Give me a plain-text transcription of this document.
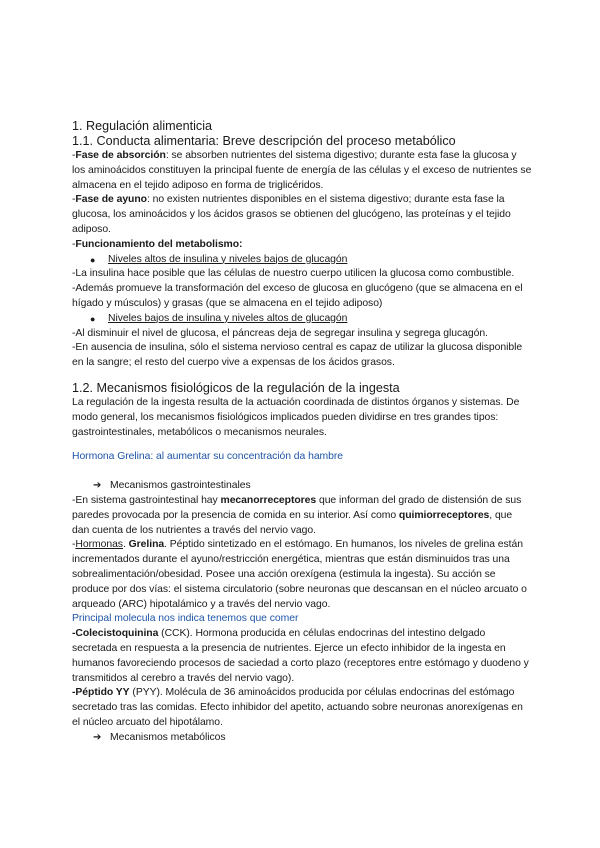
1. Regulación alimenticia

1.1. Conducta alimentaria: Breve descripción del proceso metabólico

-Fase de absorción: se absorben nutrientes del sistema digestivo; durante esta fase la glucosa y los aminoácidos constituyen la principal fuente de energía de las células y el exceso de nutrientes se almacena en el tejido adiposo en forma de triglicéridos.

-Fase de ayuno: no existen nutrientes disponibles en el sistema digestivo; durante esta fase la glucosa, los aminoácidos y los ácidos grasos se obtienen del glucógeno, las proteínas y el tejido adiposo.

-Funcionamiento del metabolismo:

● Niveles altos de insulina y niveles bajos de glucagón

-La insulina hace posible que las células de nuestro cuerpo utilicen la glucosa como combustible.

-Además promueve la transformación del exceso de glucosa en glucógeno (que se almacena en el hígado y músculos) y grasas (que se almacena en el tejido adiposo)

● Niveles bajos de insulina y niveles altos de glucagón

-Al disminuir el nivel de glucosa, el páncreas deja de segregar insulina y segrega glucagón.

-En ausencia de insulina, sólo el sistema nervioso central es capaz de utilizar la glucosa disponible en la sangre; el resto del cuerpo vive a expensas de los ácidos grasos.

1.2. Mecanismos fisiológicos de la regulación de la ingesta

La regulación de la ingesta resulta de la actuación coordinada de distintos órganos y sistemas. De modo general, los mecanismos fisiológicos implicados pueden dividirse en tres grandes tipos: gastrointestinales, metabólicos o mecanismos neurales.

Hormona Grelina: al aumentar su concentración da hambre

➔ Mecanismos gastrointestinales

-En sistema gastrointestinal hay mecanorreceptores que informan del grado de distensión de sus paredes provocada por la presencia de comida en su interior. Así como quimiorreceptores, que dan cuenta de los nutrientes a través del nervio vago.

-Hormonas. Grelina. Péptido sintetizado en el estómago. En humanos, los niveles de grelina están incrementados durante el ayuno/restricción energética, mientras que están disminuidos tras una sobrealimentación/obesidad. Posee una acción orexígena (estimula la ingesta). Su acción se produce por dos vías: el sistema circulatorio (sobre neuronas que descansan en el núcleo arcuato o arqueado (ARC) hipotalámico y a través del nervio vago.

Principal molecula nos indica tenemos que comer

-Colecistoquinina (CCK). Hormona producida en células endocrinas del intestino delgado secretada en respuesta a la presencia de nutrientes. Ejerce un efecto inhibidor de la ingesta en humanos favoreciendo procesos de saciedad a corto plazo (receptores entre estómago y duodeno y transmitidos al cerebro a través del nervio vago).

-Péptido YY (PYY). Molécula de 36 aminoácidos producida por células endocrinas del estómago secretado tras las comidas. Efecto inhibidor del apetito, actuando sobre neuronas anorexígenas en el núcleo arcuato del hipotálamo.

➔ Mecanismos metabólicos
